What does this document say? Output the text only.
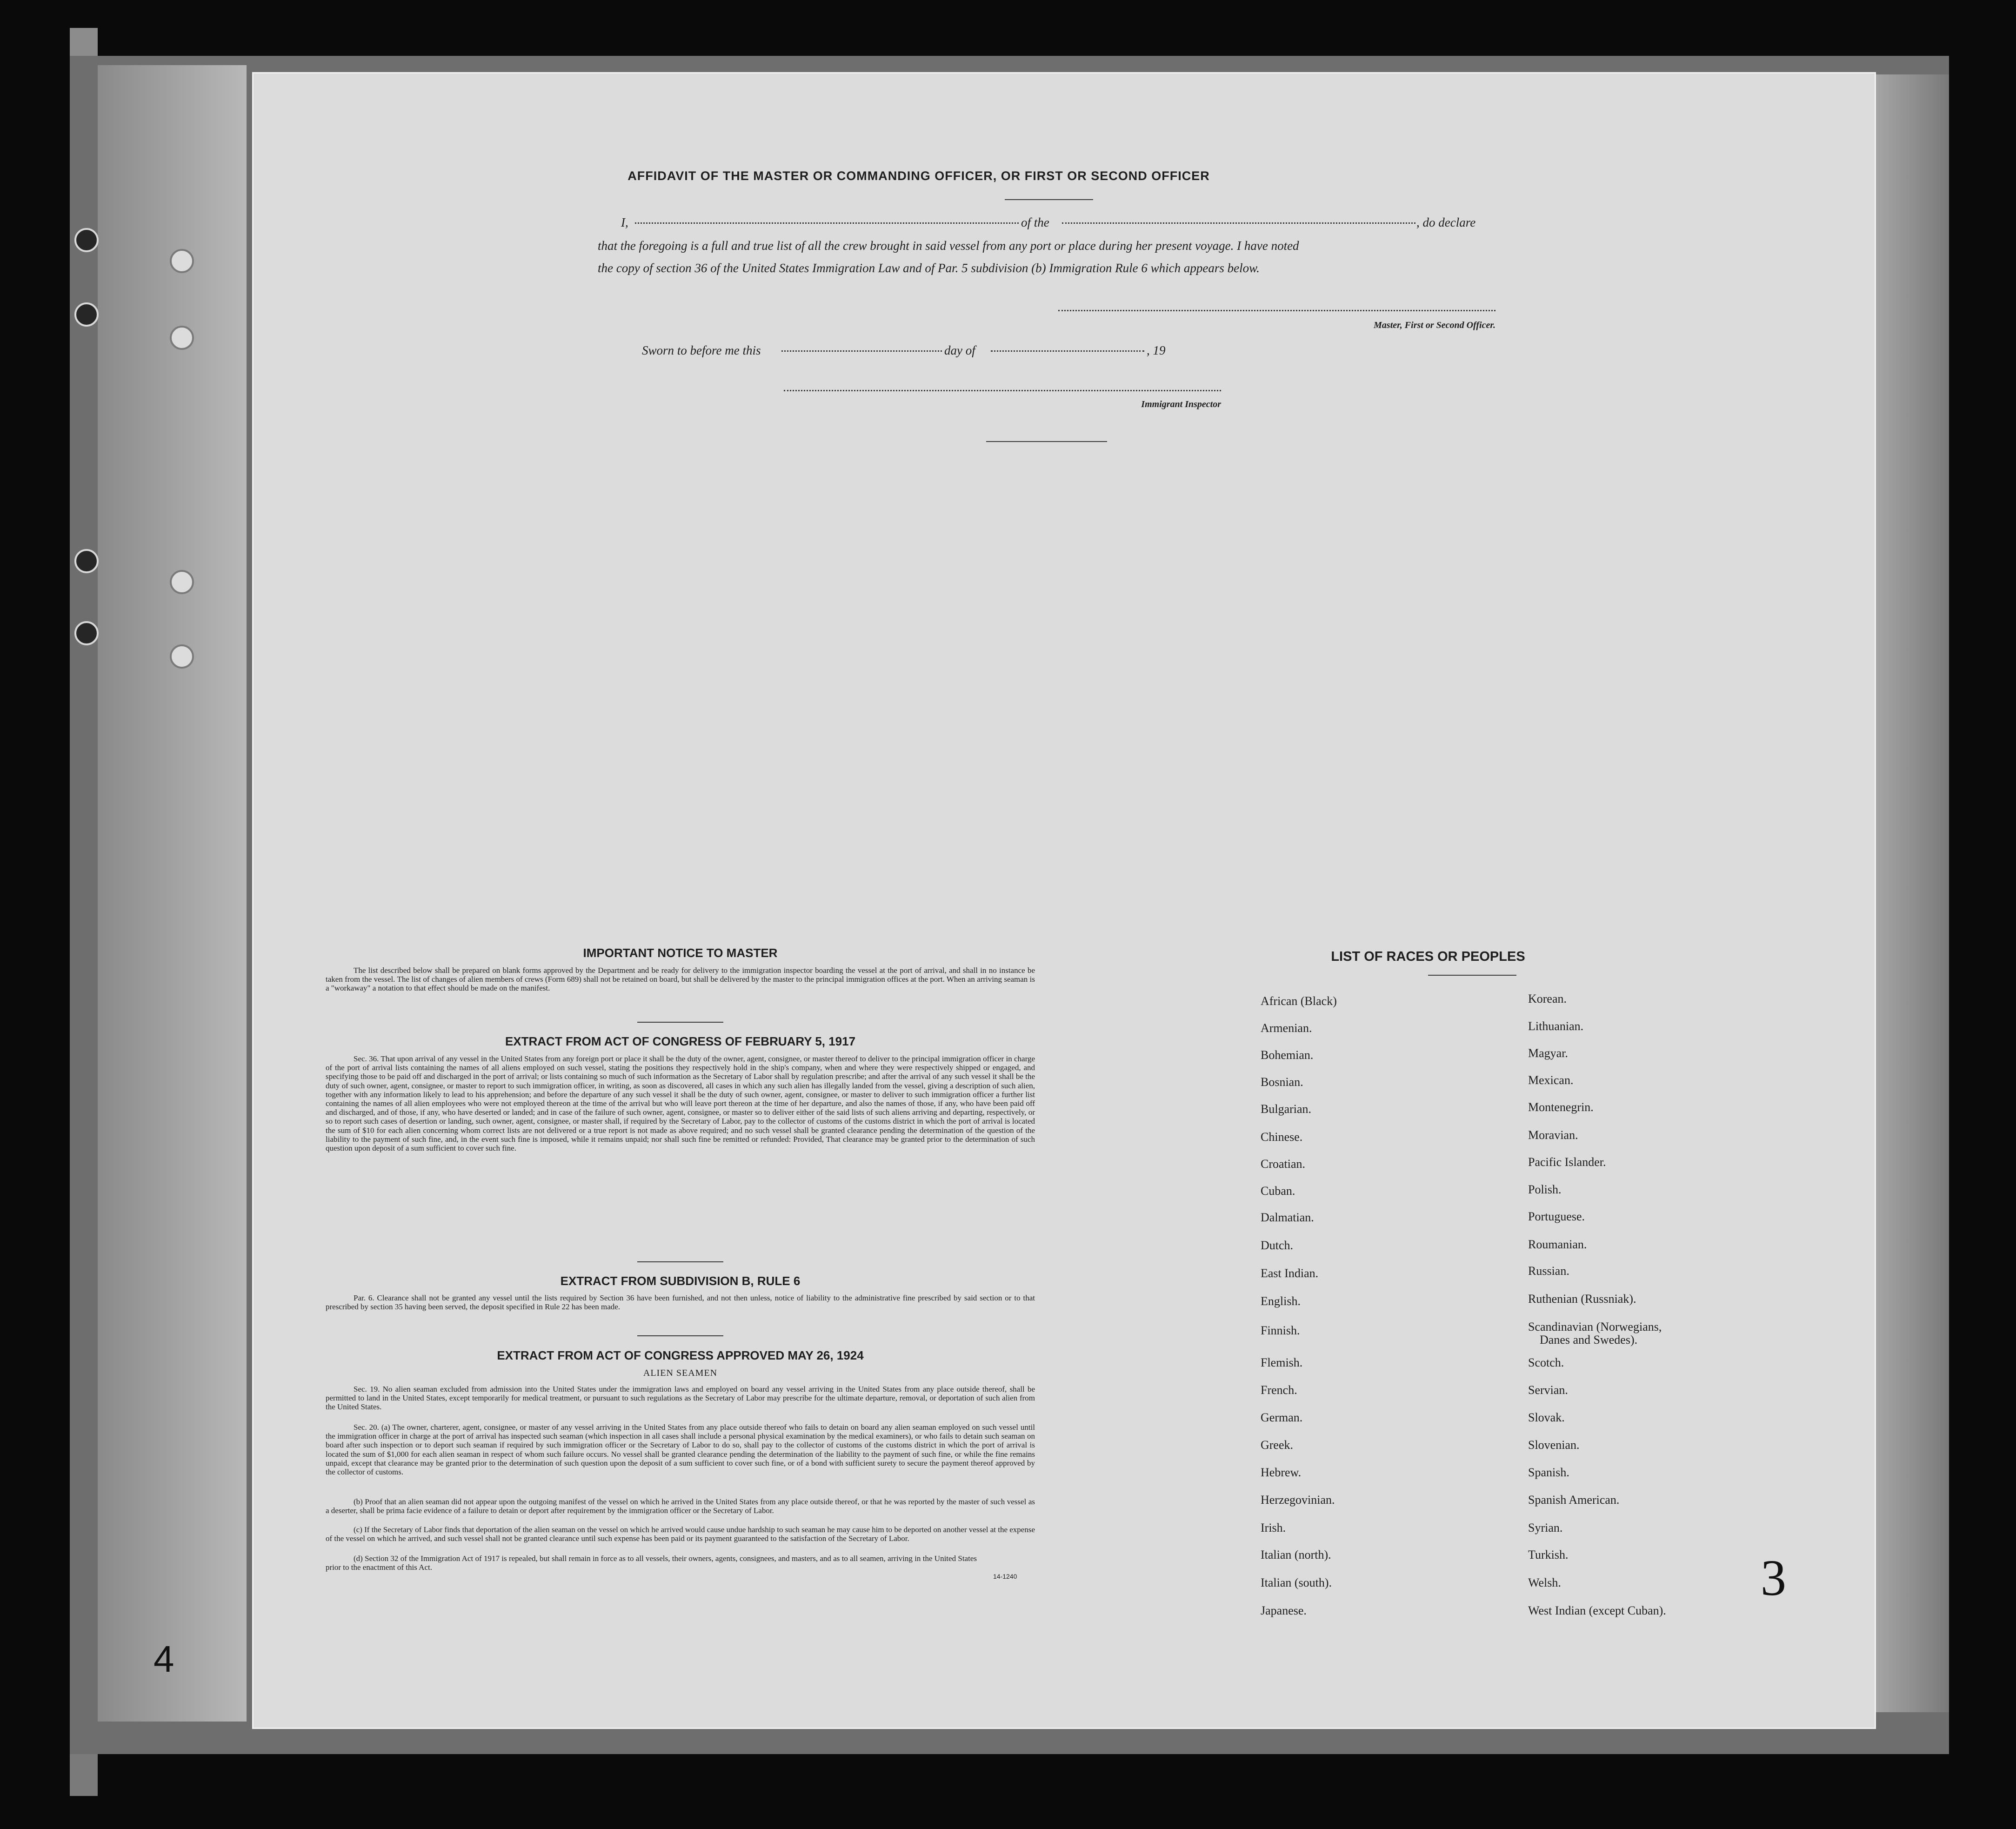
4
AFFIDAVIT OF THE MASTER OR COMMANDING OFFICER, OR FIRST OR SECOND OFFICER
I,	of the	, do declare
that the foregoing is a full and true list of all the crew brought in said vessel from any port or place during her present voyage. I have noted
the copy of section 36 of the United States Immigration Law and of Par. 5 subdivision (b) Immigration Rule 6 which appears below.
Master, First or Second Officer.
Sworn to before me this	day of	, 19
Immigrant Inspector
IMPORTANT NOTICE TO MASTER
The list described below shall be prepared on blank forms approved by the Department and be ready for delivery to the immigration inspector boarding the vessel at the port of arrival, and shall in no instance be taken from the vessel. The list of changes of alien members of crews (Form 689) shall not be retained on board, but shall be delivered by the master to the principal immigration offices at the port. When an arriving seaman is a "workaway" a notation to that effect should be made on the manifest.
EXTRACT FROM ACT OF CONGRESS OF FEBRUARY 5, 1917
Sec. 36. That upon arrival of any vessel in the United States from any foreign port or place it shall be the duty of the owner, agent, consignee, or master thereof to deliver to the principal immigration officer in charge of the port of arrival lists containing the names of all aliens employed on such vessel, stating the positions they respectively hold in the ship's company, when and where they were respectively shipped or engaged, and specifying those to be paid off and discharged in the port of arrival; or lists containing so much of such information as the Secretary of Labor shall by regulation prescribe; and after the arrival of any such vessel it shall be the duty of such owner, agent, consignee, or master to report to such immigration officer, in writing, as soon as discovered, all cases in which any such alien has illegally landed from the vessel, giving a description of such alien, together with any information likely to lead to his apprehension; and before the departure of any such vessel it shall be the duty of such owner, agent, consignee, or master to deliver to such immigration officer a further list containing the names of all alien employees who were not employed thereon at the time of the arrival but who will leave port thereon at the time of her departure, and also the names of those, if any, who have been paid off and discharged, and of those, if any, who have deserted or landed; and in case of the failure of such owner, agent, consignee, or master so to deliver either of the said lists of such aliens arriving and departing, respectively, or so to report such cases of desertion or landing, such owner, agent, consignee, or master shall, if required by the Secretary of Labor, pay to the collector of customs of the customs district in which the port of arrival is located the sum of $10 for each alien concerning whom correct lists are not delivered or a true report is not made as above required; and no such vessel shall be granted clearance pending the determination of the question of the liability to the payment of such fine, and, in the event such fine is imposed, while it remains unpaid; nor shall such fine be remitted or refunded: Provided, That clearance may be granted prior to the determination of such question upon deposit of a sum sufficient to cover such fine.
EXTRACT FROM SUBDIVISION B, RULE 6
Par. 6. Clearance shall not be granted any vessel until the lists required by Section 36 have been furnished, and not then unless, notice of liability to the administrative fine prescribed by said section or to that prescribed by section 35 having been served, the deposit specified in Rule 22 has been made.
EXTRACT FROM ACT OF CONGRESS APPROVED MAY 26, 1924
ALIEN SEAMEN
Sec. 19. No alien seaman excluded from admission into the United States under the immigration laws and employed on board any vessel arriving in the United States from any place outside thereof, shall be permitted to land in the United States, except temporarily for medical treatment, or pursuant to such regulations as the Secretary of Labor may prescribe for the ultimate departure, removal, or deportation of such alien from the United States.
Sec. 20. (a) The owner, charterer, agent, consignee, or master of any vessel arriving in the United States from any place outside thereof who fails to detain on board any alien seaman employed on such vessel until the immigration officer in charge at the port of arrival has inspected such seaman (which inspection in all cases shall include a personal physical examination by the medical examiners), or who fails to detain such seaman on board after such inspection or to deport such seaman if required by such immigration officer or the Secretary of Labor to do so, shall pay to the collector of customs of the customs district in which the port of arrival is located the sum of $1,000 for each alien seaman in respect of whom such failure occurs. No vessel shall be granted clearance pending the determination of the liability to the payment of such fine, or while the fine remains unpaid, except that clearance may be granted prior to the determination of such question upon the deposit of a sum sufficient to cover such fine, or of a bond with sufficient surety to secure the payment thereof approved by the collector of customs.
(b) Proof that an alien seaman did not appear upon the outgoing manifest of the vessel on which he arrived in the United States from any place outside thereof, or that he was reported by the master of such vessel as a deserter, shall be prima facie evidence of a failure to detain or deport after requirement by the immigration officer or the Secretary of Labor.
(c) If the Secretary of Labor finds that deportation of the alien seaman on the vessel on which he arrived would cause undue hardship to such seaman he may cause him to be deported on another vessel at the expense of the vessel on which he arrived, and such vessel shall not be granted clearance until such expense has been paid or its payment guaranteed to the satisfaction of the Secretary of Labor.
(d) Section 32 of the Immigration Act of 1917 is repealed, but shall remain in force as to all vessels, their owners, agents, consignees, and masters, and as to all seamen, arriving in the United States prior to the enactment of this Act.
14-1240
LIST OF RACES OR PEOPLES
African (Black)
Armenian.
Bohemian.
Bosnian.
Bulgarian.
Chinese.
Croatian.
Cuban.
Dalmatian.
Dutch.
East Indian.
English.
Finnish.
Flemish.
French.
German.
Greek.
Hebrew.
Herzegovinian.
Irish.
Italian (north).
Italian (south).
Japanese.
Korean.
Lithuanian.
Magyar.
Mexican.
Montenegrin.
Moravian.
Pacific Islander.
Polish.
Portuguese.
Roumanian.
Russian.
Ruthenian (Russniak).
Scandinavian (Norwegians,
Danes and Swedes).
Scotch.
Servian.
Slovak.
Slovenian.
Spanish.
Spanish American.
Syrian.
Turkish.
Welsh.
West Indian (except Cuban).
3
